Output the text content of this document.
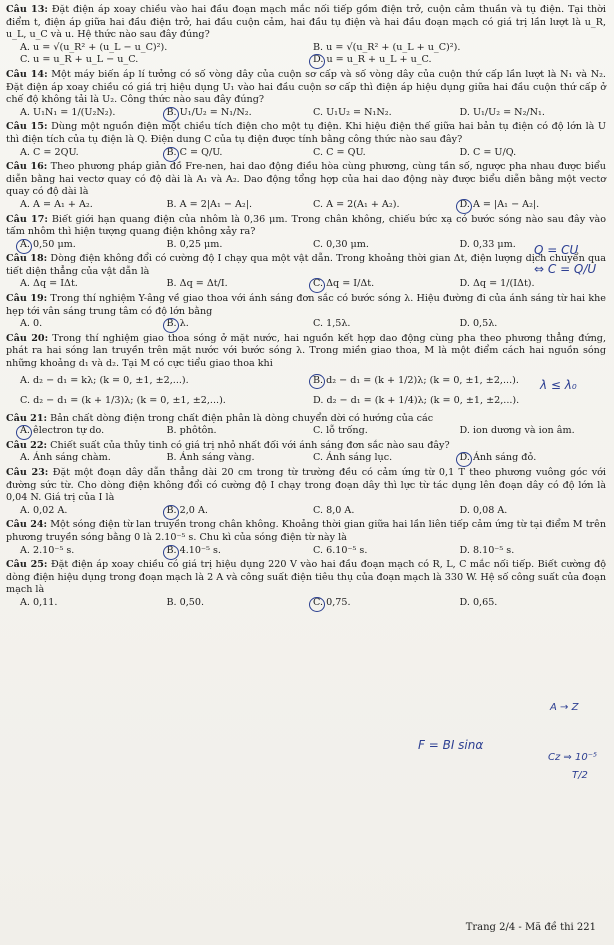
Câu 13: Đặt điện áp xoay chiều vào hai đầu đoạn mạch mắc nối tiếp gồm điện trở, cuộn cảm thuần và tụ điện. Tại thời điểm t, điện áp giữa hai đầu điện trở, hai đầu cuộn cảm, hai đầu tụ điện và hai đầu đoạn mạch có giá trị lần lượt là u_R, u_L, u_C và u. Hệ thức nào sau đây đúng?
A. u = √(u_R² + (u_L − u_C)²).	B. u = √(u_R² + (u_L + u_C)²).
C. u = u_R + u_L − u_C.	D. u = u_R + u_L + u_C.
Câu 14: Một máy biến áp lí tưởng có số vòng dây của cuộn sơ cấp và số vòng dây của cuộn thứ cấp lần lượt là N₁ và N₂. Đặt điện áp xoay chiều có giá trị hiệu dụng U₁ vào hai đầu cuộn sơ cấp thì điện áp hiệu dụng giữa hai đầu cuộn thứ cấp ở chế độ không tải là U₂. Công thức nào sau đây đúng?
A. U₁N₁ = 1/(U₂N₂).	B. U₁/U₂ = N₁/N₂.	C. U₁U₂ = N₁N₂.	D. U₁/U₂ = N₂/N₁.
Câu 15: Dùng một nguồn điện một chiều tích điện cho một tụ điện. Khi hiệu điện thế giữa hai bản tụ điện có độ lớn là U thì điện tích của tụ điện là Q. Điện dung C của tụ điện được tính bằng công thức nào sau đây?
A. C = 2QU.	B. C = Q/U.	C. C = QU.	D. C = U/Q.
Câu 16: Theo phương pháp giản đồ Fre-nen, hai dao động điều hòa cùng phương, cùng tần số, ngược pha nhau được biểu diễn bằng hai vectơ quay có độ dài là A₁ và A₂. Dao động tổng hợp của hai dao động này được biểu diễn bằng một vectơ quay có độ dài là
A. A = A₁ + A₂.	B. A = 2|A₁ − A₂|.	C. A = 2(A₁ + A₂).	D. A = |A₁ − A₂|.
Câu 17: Biết giới hạn quang điện của nhôm là 0,36 μm. Trong chân không, chiếu bức xạ có bước sóng nào sau đây vào tấm nhôm thì hiện tượng quang điện không xảy ra?
A. 0,50 μm.	B. 0,25 μm.	C. 0,30 μm.	D. 0,33 μm.
Câu 18: Dòng điện không đổi có cường độ I chạy qua một vật dẫn. Trong khoảng thời gian Δt, điện lượng dịch chuyển qua tiết diện thẳng của vật dẫn là
A. Δq = IΔt.	B. Δq = Δt/I.	C. Δq = I/Δt.	D. Δq = 1/(IΔt).
Câu 19: Trong thí nghiệm Y-âng về giao thoa với ánh sáng đơn sắc có bước sóng λ. Hiệu đường đi của ánh sáng từ hai khe hẹp tới vân sáng trung tâm có độ lớn bằng
A. 0.	B. λ.	C. 1,5λ.	D. 0,5λ.
Câu 20: Trong thí nghiệm giao thoa sóng ở mặt nước, hai nguồn kết hợp dao động cùng pha theo phương thẳng đứng, phát ra hai sóng lan truyền trên mặt nước với bước sóng λ. Trong miền giao thoa, M là một điểm cách hai nguồn sóng những khoảng d₁ và d₂. Tại M có cực tiểu giao thoa khi
A. d₂ − d₁ = kλ; (k = 0, ±1, ±2,...).	B. d₂ − d₁ = (k + 1/2)λ; (k = 0, ±1, ±2,...).
C. d₂ − d₁ = (k + 1/3)λ; (k = 0, ±1, ±2,...).	D. d₂ − d₁ = (k + 1/4)λ; (k = 0, ±1, ±2,...).
Câu 21: Bản chất dòng điện trong chất điện phân là dòng chuyển dời có hướng của các
A. êlectron tự do.	B. phôtôn.	C. lỗ trống.	D. ion dương và ion âm.
Câu 22: Chiết suất của thủy tinh có giá trị nhỏ nhất đối với ánh sáng đơn sắc nào sau đây?
A. Ánh sáng chàm.	B. Ánh sáng vàng.	C. Ánh sáng lục.	D. Ánh sáng đỏ.
Câu 23: Đặt một đoạn dây dẫn thẳng dài 20 cm trong từ trường đều có cảm ứng từ 0,1 T theo phương vuông góc với đường sức từ. Cho dòng điện không đổi có cường độ I chạy trong đoạn dây thì lực từ tác dụng lên đoạn dây có độ lớn là 0,04 N. Giá trị của I là
A. 0,02 A.	B. 2,0 A.	C. 8,0 A.	D. 0,08 A.
Câu 24: Một sóng điện từ lan truyền trong chân không. Khoảng thời gian giữa hai lần liên tiếp cảm ứng từ tại điểm M trên phương truyền sóng bằng 0 là 2.10⁻⁵ s. Chu kì của sóng điện từ này là
A. 2.10⁻⁵ s.	B. 4.10⁻⁵ s.	C. 6.10⁻⁵ s.	D. 8.10⁻⁵ s.
Câu 25: Đặt điện áp xoay chiều có giá trị hiệu dụng 220 V vào hai đầu đoạn mạch có R, L, C mắc nối tiếp. Biết cường độ dòng điện hiệu dụng trong đoạn mạch là 2 A và công suất điện tiêu thụ của đoạn mạch là 330 W. Hệ số công suất của đoạn mạch là
A. 0,11.	B. 0,50.	C. 0,75.	D. 0,65.
Q = CU
⇔ C = Q/U
λ ≤ λ₀
A → Z
F = BI sinα
Cz ⇒ 10⁻⁵
T/2
Trang 2/4 - Mã đề thi 221
